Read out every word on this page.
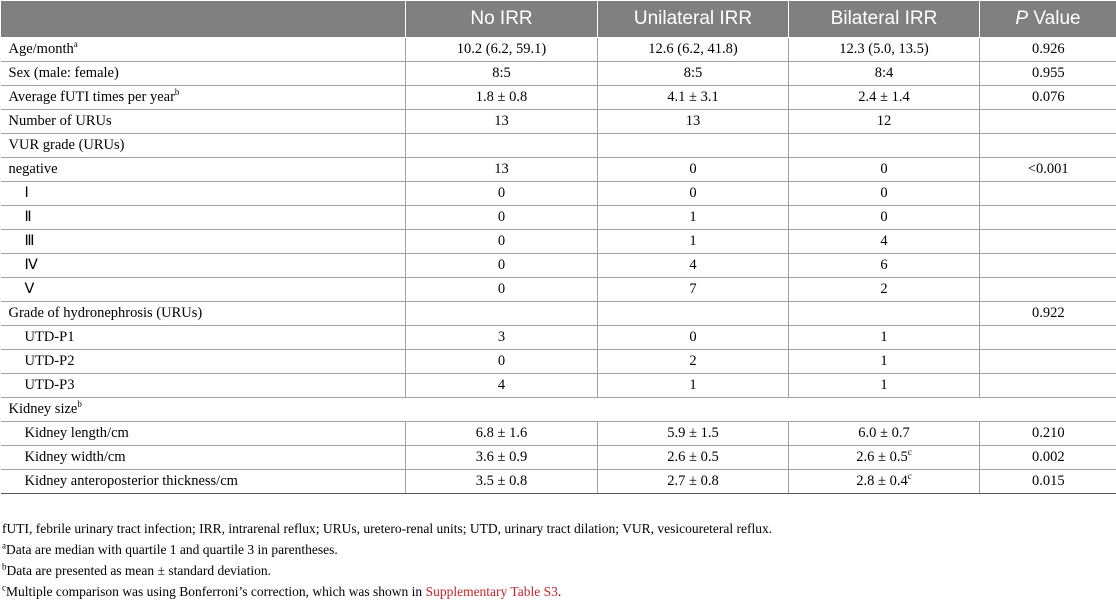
	No IRR	Unilateral IRR	Bilateral IRR	P Value
Age/month$^a$	10.2 (6.2, 59.1)	12.6 (6.2, 41.8)	12.3 (5.0, 13.5)	0.926
Sex (male: female)	8:5	8:5	8:4	0.955
Average fUTI times per year$^b$	1.8 ± 0.8	4.1 ± 3.1	2.4 ± 1.4	0.076
Number of URUs	13	13	12	
VUR grade (URUs)				
negative	13	0	0	<0.001
Ⅰ	0	0	0	
Ⅱ	0	1	0	
Ⅲ	0	1	4	
Ⅳ	0	4	6	
Ⅴ	0	7	2	
Grade of hydronephrosis (URUs)				0.922
UTD-P1	3	0	1	
UTD-P2	0	2	1	
UTD-P3	4	1	1	
Kidney size$^b$
Kidney length/cm	6.8 ± 1.6	5.9 ± 1.5	6.0 ± 0.7	0.210
Kidney width/cm	3.6 ± 0.9	2.6 ± 0.5	2.6 ± 0.5$^c$	0.002
Kidney anteroposterior thickness/cm	3.5 ± 0.8	2.7 ± 0.8	2.8 ± 0.4$^c$	0.015

fUTI, febrile urinary tract infection; IRR, intrarenal reflux; URUs, uretero-renal units; UTD, urinary tract dilation; VUR, vesicoureteral reflux.

$^a$Data are median with quartile 1 and quartile 3 in parentheses.

$^b$Data are presented as mean ± standard deviation.

$^c$Multiple comparison was using Bonferroni’s correction, which was shown in Supplementary Table S3.
